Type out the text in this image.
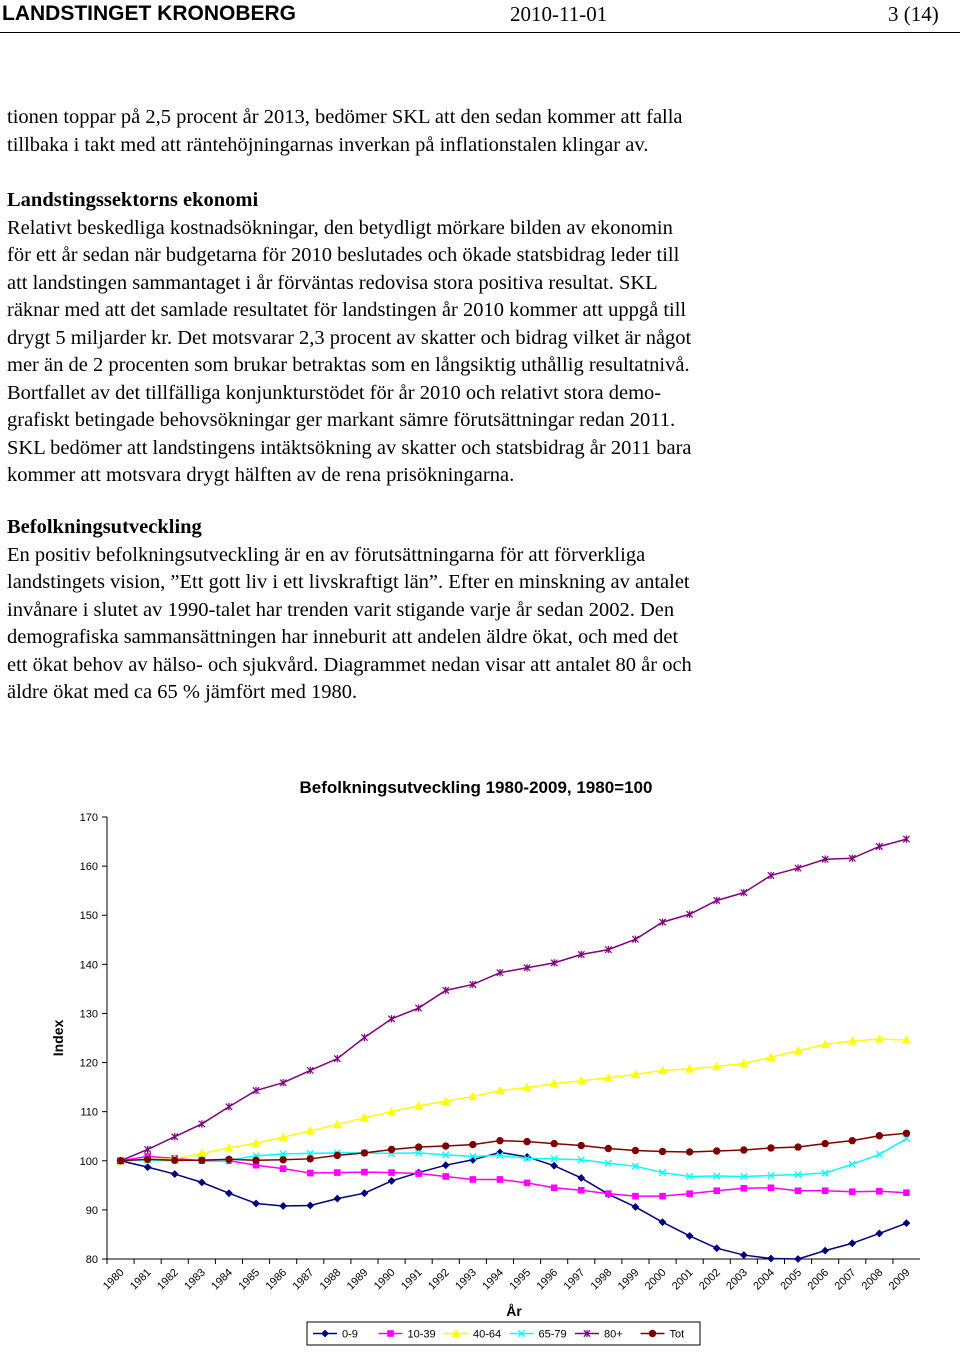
LANDSTINGET KRONOBERG	2010-11-01	3 (14)

tionen toppar på 2,5 procent år 2013, bedömer SKL att den sedan kommer att falla

tillbaka i takt med att räntehöjningarnas inverkan på inflationstalen klingar av.

Landstingssektorns ekonomi

Relativt beskedliga kostnadsökningar, den betydligt mörkare bilden av ekonomin

för ett år sedan när budgetarna för 2010 beslutades och ökade statsbidrag leder till

att landstingen sammantaget i år förväntas redovisa stora positiva resultat. SKL

räknar med att det samlade resultatet för landstingen år 2010 kommer att uppgå till

drygt 5 miljarder kr. Det motsvarar 2,3 procent av skatter och bidrag vilket är något

mer än de 2 procenten som brukar betraktas som en långsiktig uthållig resultatnivå.

Bortfallet av det tillfälliga konjunkturstödet för år 2010 och relativt stora demo-

grafiskt betingade behovsökningar ger markant sämre förutsättningar redan 2011.

SKL bedömer att landstingens intäktsökning av skatter och statsbidrag år 2011 bara

kommer att motsvara drygt hälften av de rena prisökningarna.

Befolkningsutveckling

En positiv befolkningsutveckling är en av förutsättningarna för att förverkliga

landstingets vision, ”Ett gott liv i ett livskraftigt län”. Efter en minskning av antalet

invånare i slutet av 1990-talet har trenden varit stigande varje år sedan 2002. Den

demografiska sammansättningen har inneburit att andelen äldre ökat, och med det

ett ökat behov av hälso- och sjukvård. Diagrammet nedan visar att antalet 80 år och

äldre ökat med ca 65 % jämfört med 1980.

Befolkningsutveckling 1980-2009, 1980=100
Index
År
80
90
100
110
120
130
140
150
160
170
1980 1981 1982 1983 1984 1985 1986 1987 1988 1989 1990 1991 1992 1993 1994 1995 1996 1997 1998 1999 2000 2001 2002 2003 2004 2005 2006 2007 2008 2009
0-9	10-39	40-64	65-79	80+	Tot
